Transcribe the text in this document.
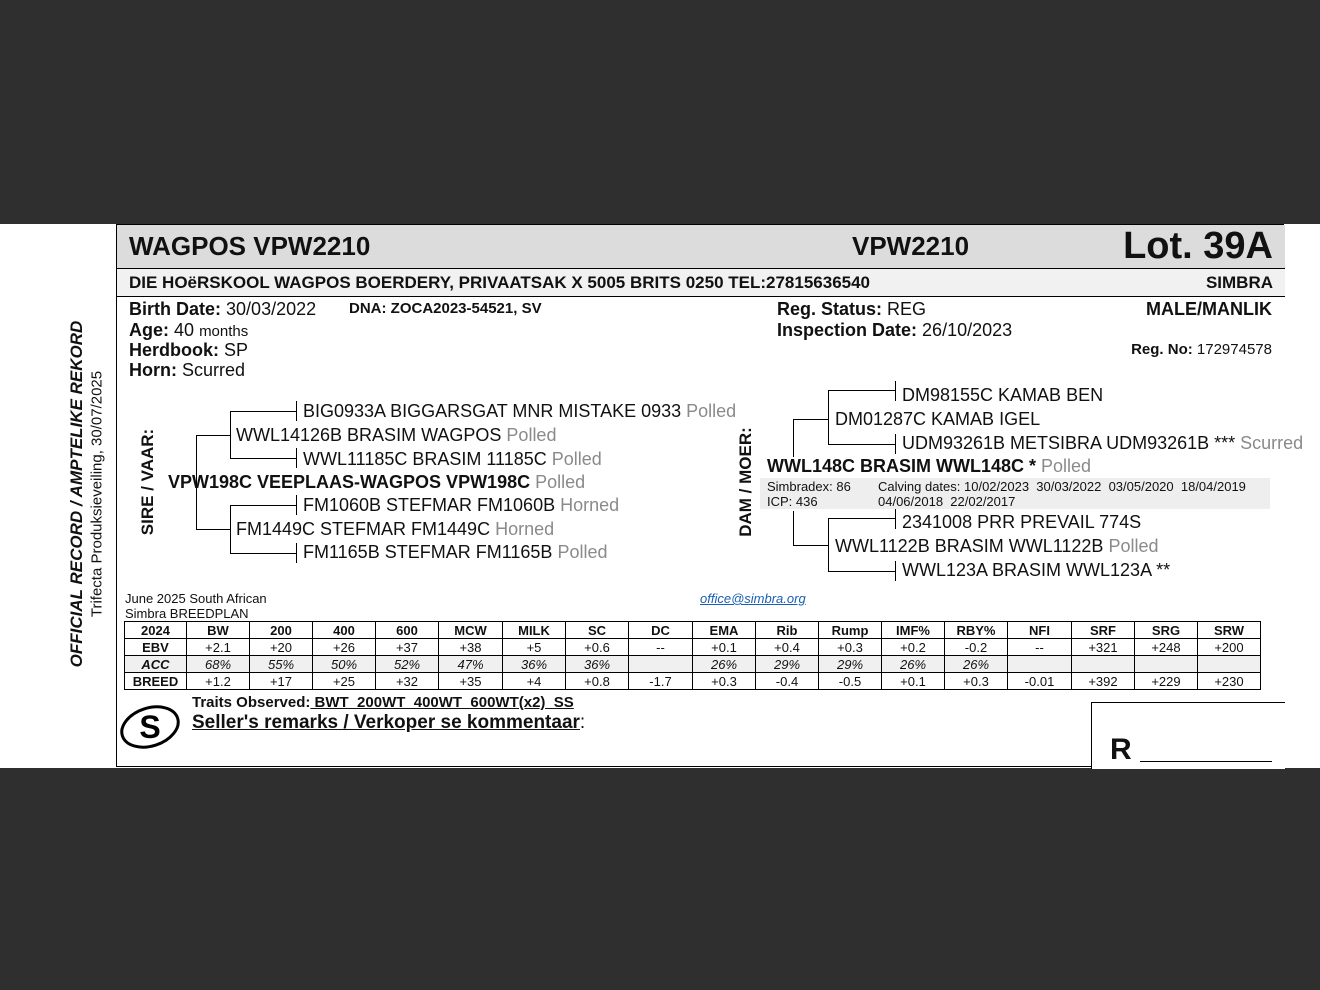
OFFICIAL RECORD / AMPTELIKE REKORD Trifecta Produksieveiling, 30/07/2025
WAGPOS VPW2210	VPW2210	Lot. 39A
DIE HOëRSKOOL WAGPOS BOERDERY, PRIVAATSAK X 5005 BRITS 0250 TEL:27815636540	SIMBRA
Birth Date: 30/03/2022 DNA: ZOCA2023-54521, SV
Age: 40 months
Herdbook: SP
Horn: Scurred
Reg. Status: REG
Inspection Date: 26/10/2023
MALE/MANLIK
Reg. No: 172974578
SIRE / VAAR:
BIG0933A BIGGARSGAT MNR MISTAKE 0933 Polled
WWL14126B BRASIM WAGPOS Polled
WWL11185C BRASIM 11185C Polled
VPW198C VEEPLAAS-WAGPOS VPW198C Polled
FM1060B STEFMAR FM1060B Horned
FM1449C STEFMAR FM1449C Horned
FM1165B STEFMAR FM1165B Polled
DAM / MOER:
DM98155C KAMAB BEN
DM01287C KAMAB IGEL
UDM93261B METSIBRA UDM93261B *** Scurred
WWL148C BRASIM WWL148C * Polled
Simbradex: 86
ICP: 436
Calving dates: 10/02/2023  30/03/2022  03/05/2020  18/04/2019
04/06/2018  22/02/2017
2341008 PRR PREVAIL 774S
WWL1122B BRASIM WWL1122B Polled
WWL123A BRASIM WWL123A **
June 2025 South African
Simbra BREEDPLAN
office@simbra.org
2024	BW	200	400	600	MCW	MILK	SC	DC	EMA	Rib	Rump	IMF%	RBY%	NFI	SRF	SRG	SRW
EBV	+2.1	+20	+26	+37	+38	+5	+0.6	--	+0.1	+0.4	+0.3	+0.2	-0.2	--	+321	+248	+200
ACC	68%	55%	50%	52%	47%	36%	36%		26%	29%	29%	26%	26%				
BREED	+1.2	+17	+25	+32	+35	+4	+0.8	-1.7	+0.3	-0.4	-0.5	+0.1	+0.3	-0.01	+392	+229	+230
S
Traits Observed: BWT  200WT  400WT  600WT(x2)  SS
Seller's remarks / Verkoper se kommentaar:
R
